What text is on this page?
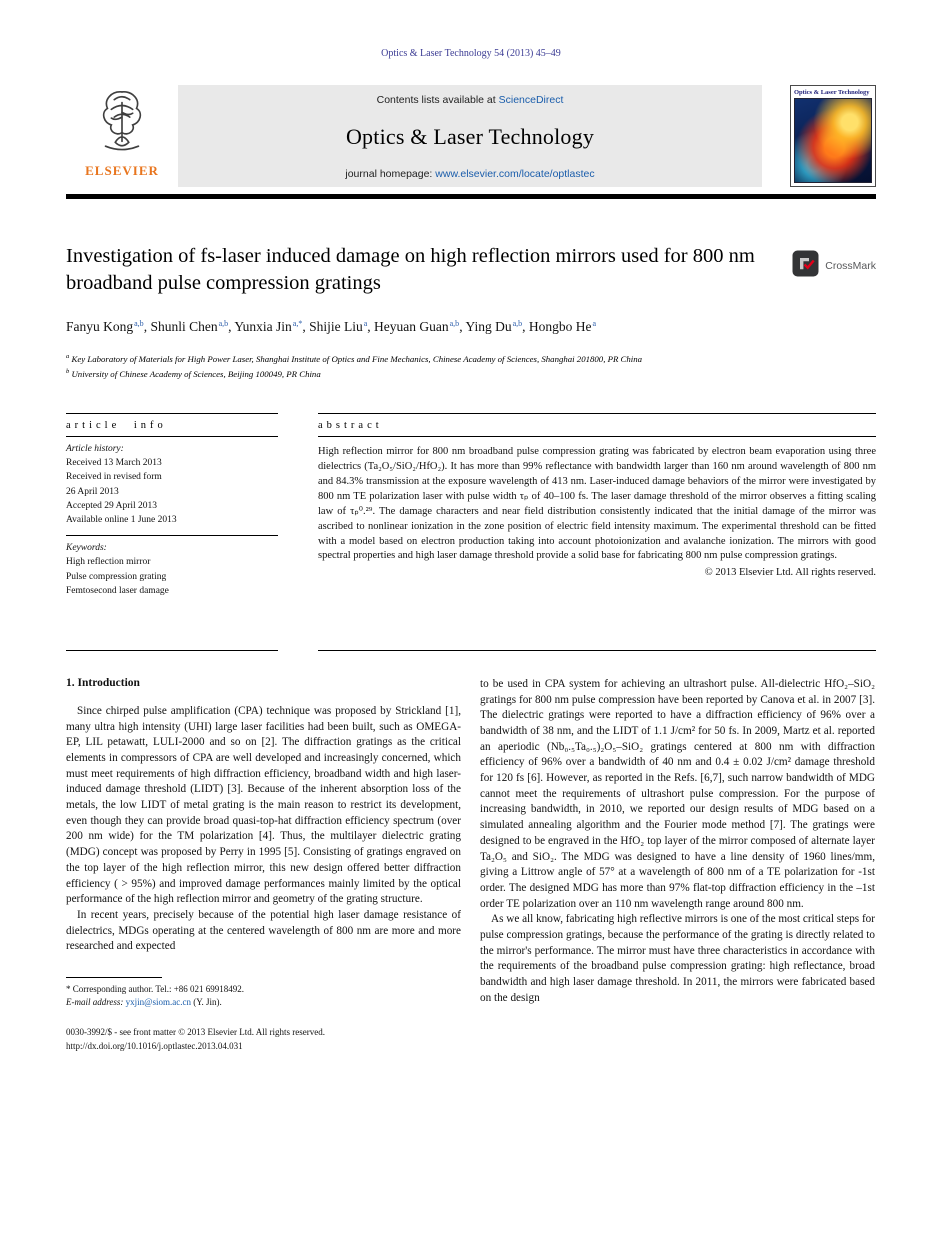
Optics & Laser Technology 54 (2013) 45–49
ELSEVIER
Contents lists available at ScienceDirect
Optics & Laser Technology
journal homepage: www.elsevier.com/locate/optlastec
Optics & Laser Technology
Investigation of fs-laser induced damage on high reflection mirrors used for 800 nm broadband pulse compression gratings
CrossMark
Fanyu Kong$^{a,b}$, Shunli Chen$^{a,b}$, Yunxia Jin$^{a,*}$, Shijie Liu$^a$, Heyuan Guan$^{a,b}$, Ying Du$^{a,b}$, Hongbo He$^a$
$^a$ Key Laboratory of Materials for High Power Laser, Shanghai Institute of Optics and Fine Mechanics, Chinese Academy of Sciences, Shanghai 201800, PR China
$^b$ University of Chinese Academy of Sciences, Beijing 100049, PR China
article info
Article history:
Received 13 March 2013
Received in revised form
26 April 2013
Accepted 29 April 2013
Available online 1 June 2013
Keywords:
High reflection mirror
Pulse compression grating
Femtosecond laser damage
abstract
High reflection mirror for 800 nm broadband pulse compression grating was fabricated by electron beam evaporation using three dielectrics (Ta₂O₅/SiO₂/HfO₂). It has more than 99% reflectance with bandwidth larger than 160 nm around wavelength of 800 nm and 84.3% transmission at the exposure wavelength of 413 nm. Laser-induced damage behaviors of the mirror were investigated by 800 nm TE polarization laser with pulse width τₚ of 40–100 fs. The laser damage threshold of the mirror observes a fitting scaling law of τₚ⁰.²⁹. The damage characters and near field distribution consistently indicated that the initial damage of the mirror was ascribed to nonlinear ionization in the zone position of electric field intensity maximum. The experimental threshold can be fitted with a model based on electron production taking into account photoionization and avalanche ionization. The mirrors with good spectral properties and high laser damage threshold provide a solid base for fabricating 800 nm pulse compression gratings.
© 2013 Elsevier Ltd. All rights reserved.
1. Introduction

Since chirped pulse amplification (CPA) technique was proposed by Strickland [1], many ultra high intensity (UHI) large laser facilities had been built, such as OMEGA-EP, LIL petawatt, LULI-2000 and so on [2]. The diffraction gratings as the critical elements in compressors of CPA are well developed and increasingly concerned, which must meet requirements of high diffraction efficiency, broadband width and high laser-induced damage threshold (LIDT) [3]. Because of the inherent absorption loss of the metals, the low LIDT of metal grating is the main reason to restrict its development, even though they can provide broad quasi-top-hat diffraction efficiency spectrum (over 200 nm wide) for the TM polarization [4]. Thus, the multilayer dielectric grating (MDG) concept was proposed by Perry in 1995 [5]. Consisting of gratings engraved on the top layer of the high reflection mirror, this new design offered better diffraction efficiency ( > 95%) and improved damage performances mainly limited by the optical performance of the high reflection mirror and geometry of the grating structure.

In recent years, precisely because of the potential high laser damage resistance of dielectrics, MDGs operating at the centered wavelength of 800 nm are more and more researched and expected

* Corresponding author. Tel.: +86 021 69918492.
E-mail address: yxjin@siom.ac.cn (Y. Jin).

to be used in CPA system for achieving an ultrashort pulse. All-dielectric HfO₂–SiO₂ gratings for 800 nm pulse compression have been reported by Canova et al. in 2007 [3]. The dielectric gratings were reported to have a diffraction efficiency of 96% over a bandwidth of 38 nm, and the LIDT of 1.1 J/cm² for 50 fs. In 2009, Martz et al. reported an aperiodic (Nb₀.₅Ta₀.₅)₂O₅–SiO₂ gratings centered at 800 nm with diffraction efficiency of 96% over a bandwidth of 40 nm and 0.4 ± 0.02 J/cm² damage threshold for 120 fs [6]. However, as reported in the Refs. [6,7], such narrow bandwidth of MDG cannot meet the requirements of ultrashort pulse compression. For the purpose of increasing bandwidth, in 2010, we reported our design results of MDG based on a simulated annealing algorithm and the Fourier mode method [7]. The gratings were designed to be engraved in the HfO₂ top layer of the mirror composed of alternate layer Ta₂O₅ and SiO₂. The MDG was designed to have a line density of 1960 lines/mm, giving a Littrow angle of 57° at a wavelength of 800 nm of a TE polarization for -1st order. The designed MDG has more than 97% flat-top diffraction efficiency in the –1st order TE polarization over an 110 nm wavelength range around 800 nm.

As we all know, fabricating high reflective mirrors is one of the most critical steps for pulse compression gratings, because the performance of the grating is directly related to the mirror's performance. The mirror must have three characteristics in accordance with the requirements of the broadband pulse compression grating: high reflectance, broad bandwidth and high laser damage threshold. In 2011, the mirrors were fabricated based on the design

0030-3992/$ - see front matter © 2013 Elsevier Ltd. All rights reserved.
http://dx.doi.org/10.1016/j.optlastec.2013.04.031
